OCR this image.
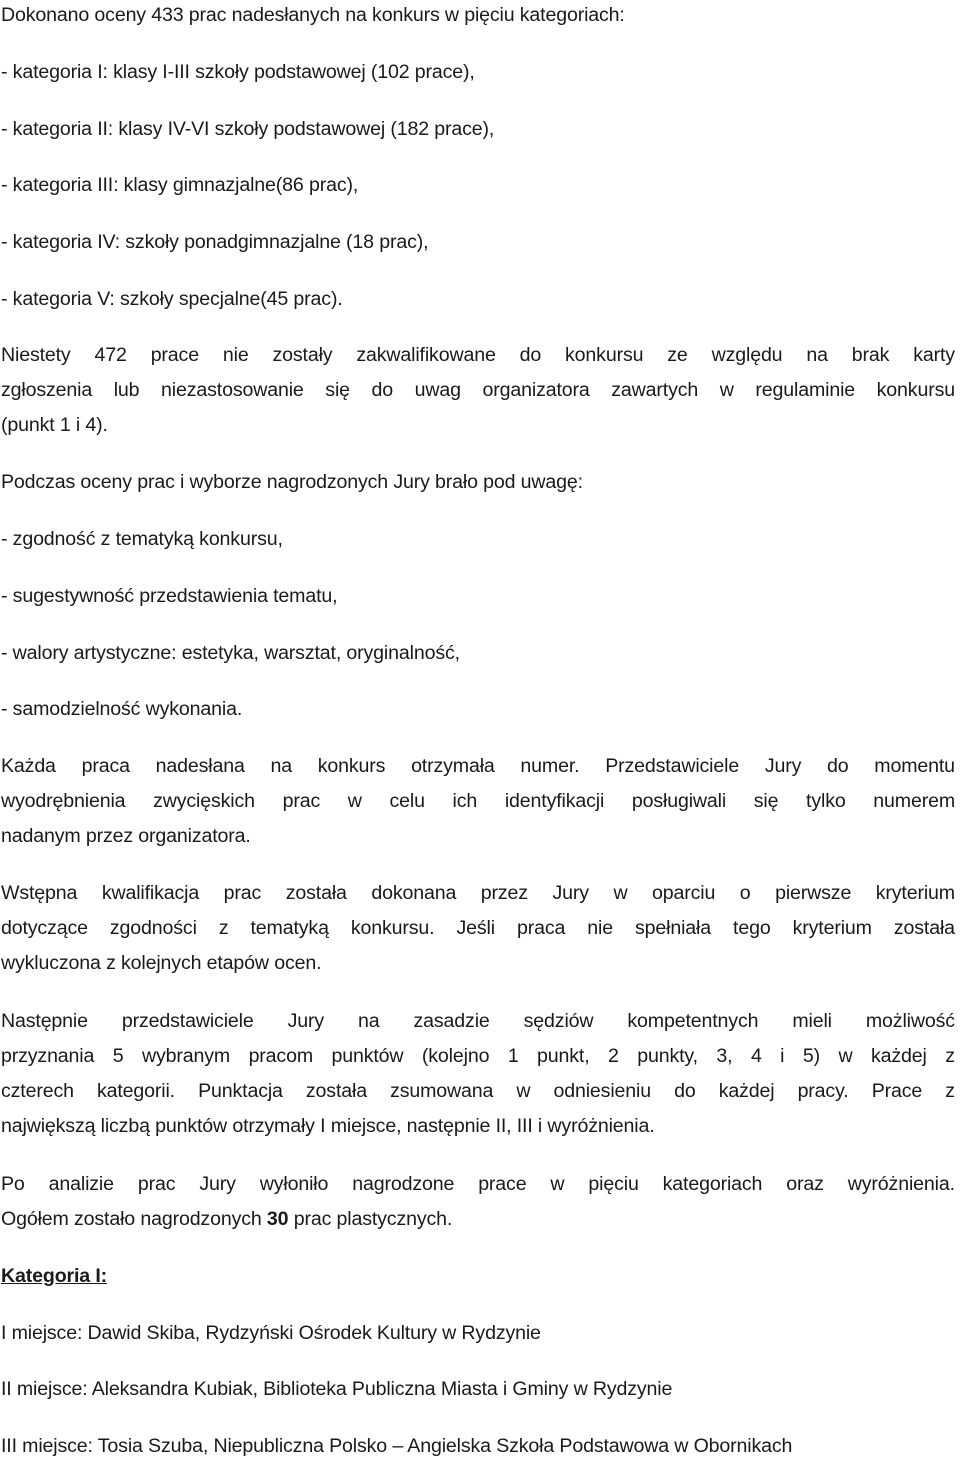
Dokonano oceny 433 prac nadesłanych na konkurs w pięciu kategoriach:
- kategoria I: klasy I-III szkoły podstawowej (102 prace),
- kategoria II: klasy IV-VI szkoły podstawowej (182 prace),
- kategoria III: klasy gimnazjalne(86 prac),
- kategoria IV: szkoły ponadgimnazjalne (18 prac),
- kategoria V: szkoły specjalne(45 prac).
Niestety 472 prace nie zostały zakwalifikowane do konkursu ze względu na brak karty
zgłoszenia lub niezastosowanie się do uwag organizatora zawartych w regulaminie konkursu
(punkt 1 i 4).
Podczas oceny prac i wyborze nagrodzonych Jury brało pod uwagę:
- zgodność z tematyką konkursu,
- sugestywność przedstawienia tematu,
- walory artystyczne: estetyka, warsztat, oryginalność,
- samodzielność wykonania.
Każda praca nadesłana na konkurs otrzymała numer. Przedstawiciele Jury do momentu
wyodrębnienia zwycięskich prac w celu ich identyfikacji posługiwali się tylko numerem
nadanym przez organizatora.
Wstępna kwalifikacja prac została dokonana przez Jury w oparciu o pierwsze kryterium
dotyczące zgodności z tematyką konkursu. Jeśli praca nie spełniała tego kryterium została
wykluczona z kolejnych etapów ocen.
Następnie przedstawiciele Jury na zasadzie sędziów kompetentnych mieli możliwość
przyznania 5 wybranym pracom punktów (kolejno 1 punkt, 2 punkty, 3, 4 i 5) w każdej z
czterech kategorii. Punktacja została zsumowana w odniesieniu do każdej pracy. Prace z
największą liczbą punktów otrzymały I miejsce, następnie II, III i wyróżnienia.
Po analizie prac Jury wyłoniło nagrodzone prace w pięciu kategoriach oraz wyróżnienia.
Ogółem zostało nagrodzonych 30 prac plastycznych.
Kategoria I:
I miejsce: Dawid Skiba, Rydzyński Ośrodek Kultury w Rydzynie
II miejsce: Aleksandra Kubiak, Biblioteka Publiczna Miasta i Gminy w Rydzynie
III miejsce: Tosia Szuba, Niepubliczna Polsko – Angielska Szkoła Podstawowa w Obornikach
